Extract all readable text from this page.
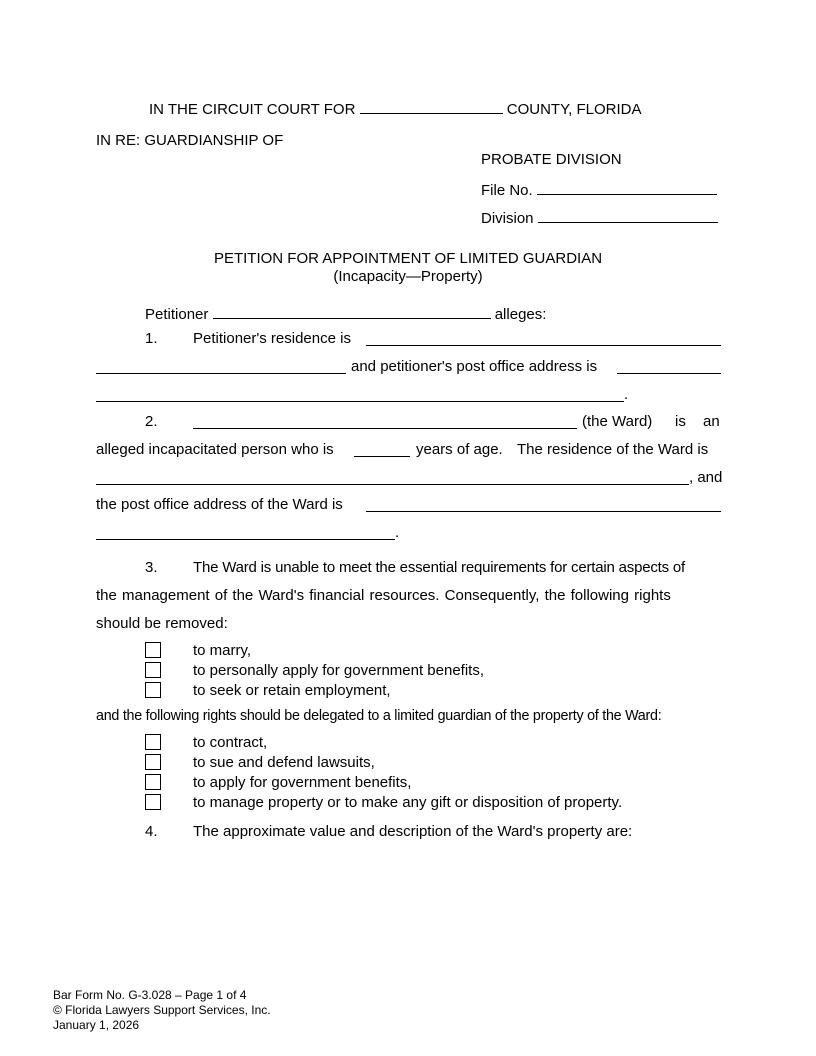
IN THE CIRCUIT COURT FOR	COUNTY, FLORIDA
IN RE: GUARDIANSHIP OF
PROBATE DIVISION
File No.
Division
PETITION FOR APPOINTMENT OF LIMITED GUARDIAN
(Incapacity—Property)
Petitioner	alleges:
1. Petitioner's residence is
and petitioner's post office address is
.
2.	(the Ward) is an
alleged incapacitated person who is	years of age. The residence of the Ward is
, and
the post office address of the Ward is
.
3. The Ward is unable to meet the essential requirements for certain aspects of
the management of the Ward's financial resources. Consequently, the following rights
should be removed:
to marry,
to personally apply for government benefits,
to seek or retain employment,
and the following rights should be delegated to a limited guardian of the property of the Ward:
to contract,
to sue and defend lawsuits,
to apply for government benefits,
to manage property or to make any gift or disposition of property.
4. The approximate value and description of the Ward's property are:
Bar Form No. G-3.028 – Page 1 of 4
© Florida Lawyers Support Services, Inc.
January 1, 2026
